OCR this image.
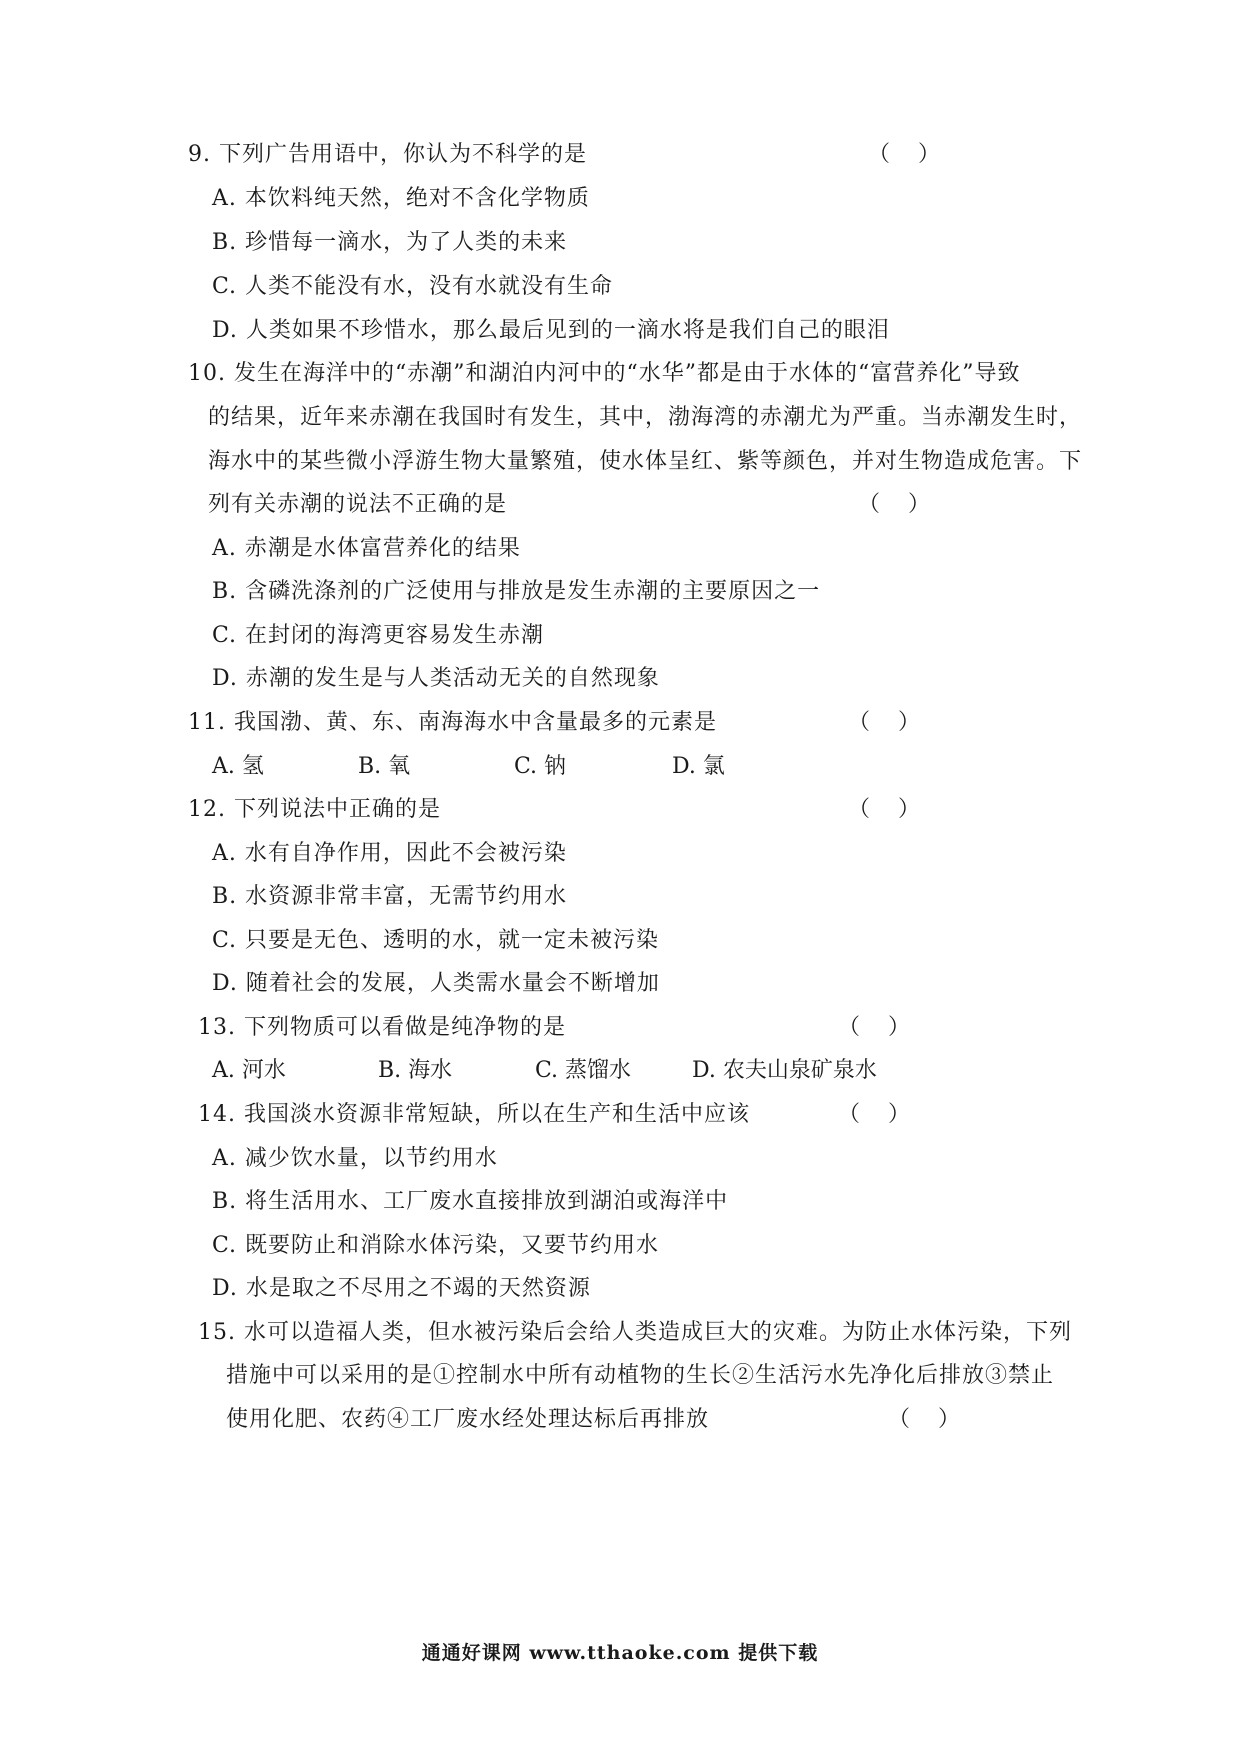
9. 下列广告用语中，你认为不科学的是	（    ）
A. 本饮料纯天然，绝对不含化学物质
B. 珍惜每一滴水，为了人类的未来
C. 人类不能没有水，没有水就没有生命
D. 人类如果不珍惜水，那么最后见到的一滴水将是我们自己的眼泪
10. 发生在海洋中的“赤潮”和湖泊内河中的“水华”都是由于水体的“富营养化”导致
的结果，近年来赤潮在我国时有发生，其中，渤海湾的赤潮尤为严重。当赤潮发生时，
海水中的某些微小浮游生物大量繁殖，使水体呈红、紫等颜色，并对生物造成危害。下
列有关赤潮的说法不正确的是	（    ）
A. 赤潮是水体富营养化的结果
B. 含磷洗涤剂的广泛使用与排放是发生赤潮的主要原因之一
C. 在封闭的海湾更容易发生赤潮
D. 赤潮的发生是与人类活动无关的自然现象
11. 我国渤、黄、东、南海海水中含量最多的元素是	（    ）
A. 氢	B. 氧	C. 钠	D. 氯
12. 下列说法中正确的是	（    ）
A. 水有自净作用，因此不会被污染
B. 水资源非常丰富，无需节约用水
C. 只要是无色、透明的水，就一定未被污染
D. 随着社会的发展，人类需水量会不断增加
13. 下列物质可以看做是纯净物的是	（    ）
A. 河水	B. 海水	C. 蒸馏水	D. 农夫山泉矿泉水
14. 我国淡水资源非常短缺，所以在生产和生活中应该	（    ）
A. 减少饮水量，以节约用水
B. 将生活用水、工厂废水直接排放到湖泊或海洋中
C. 既要防止和消除水体污染，又要节约用水
D. 水是取之不尽用之不竭的天然资源
15. 水可以造福人类，但水被污染后会给人类造成巨大的灾难。为防止水体污染，下列
措施中可以采用的是①控制水中所有动植物的生长②生活污水先净化后排放③禁止
使用化肥、农药④工厂废水经处理达标后再排放	（    ）
通通好课网 www.tthaoke.com 提供下载
